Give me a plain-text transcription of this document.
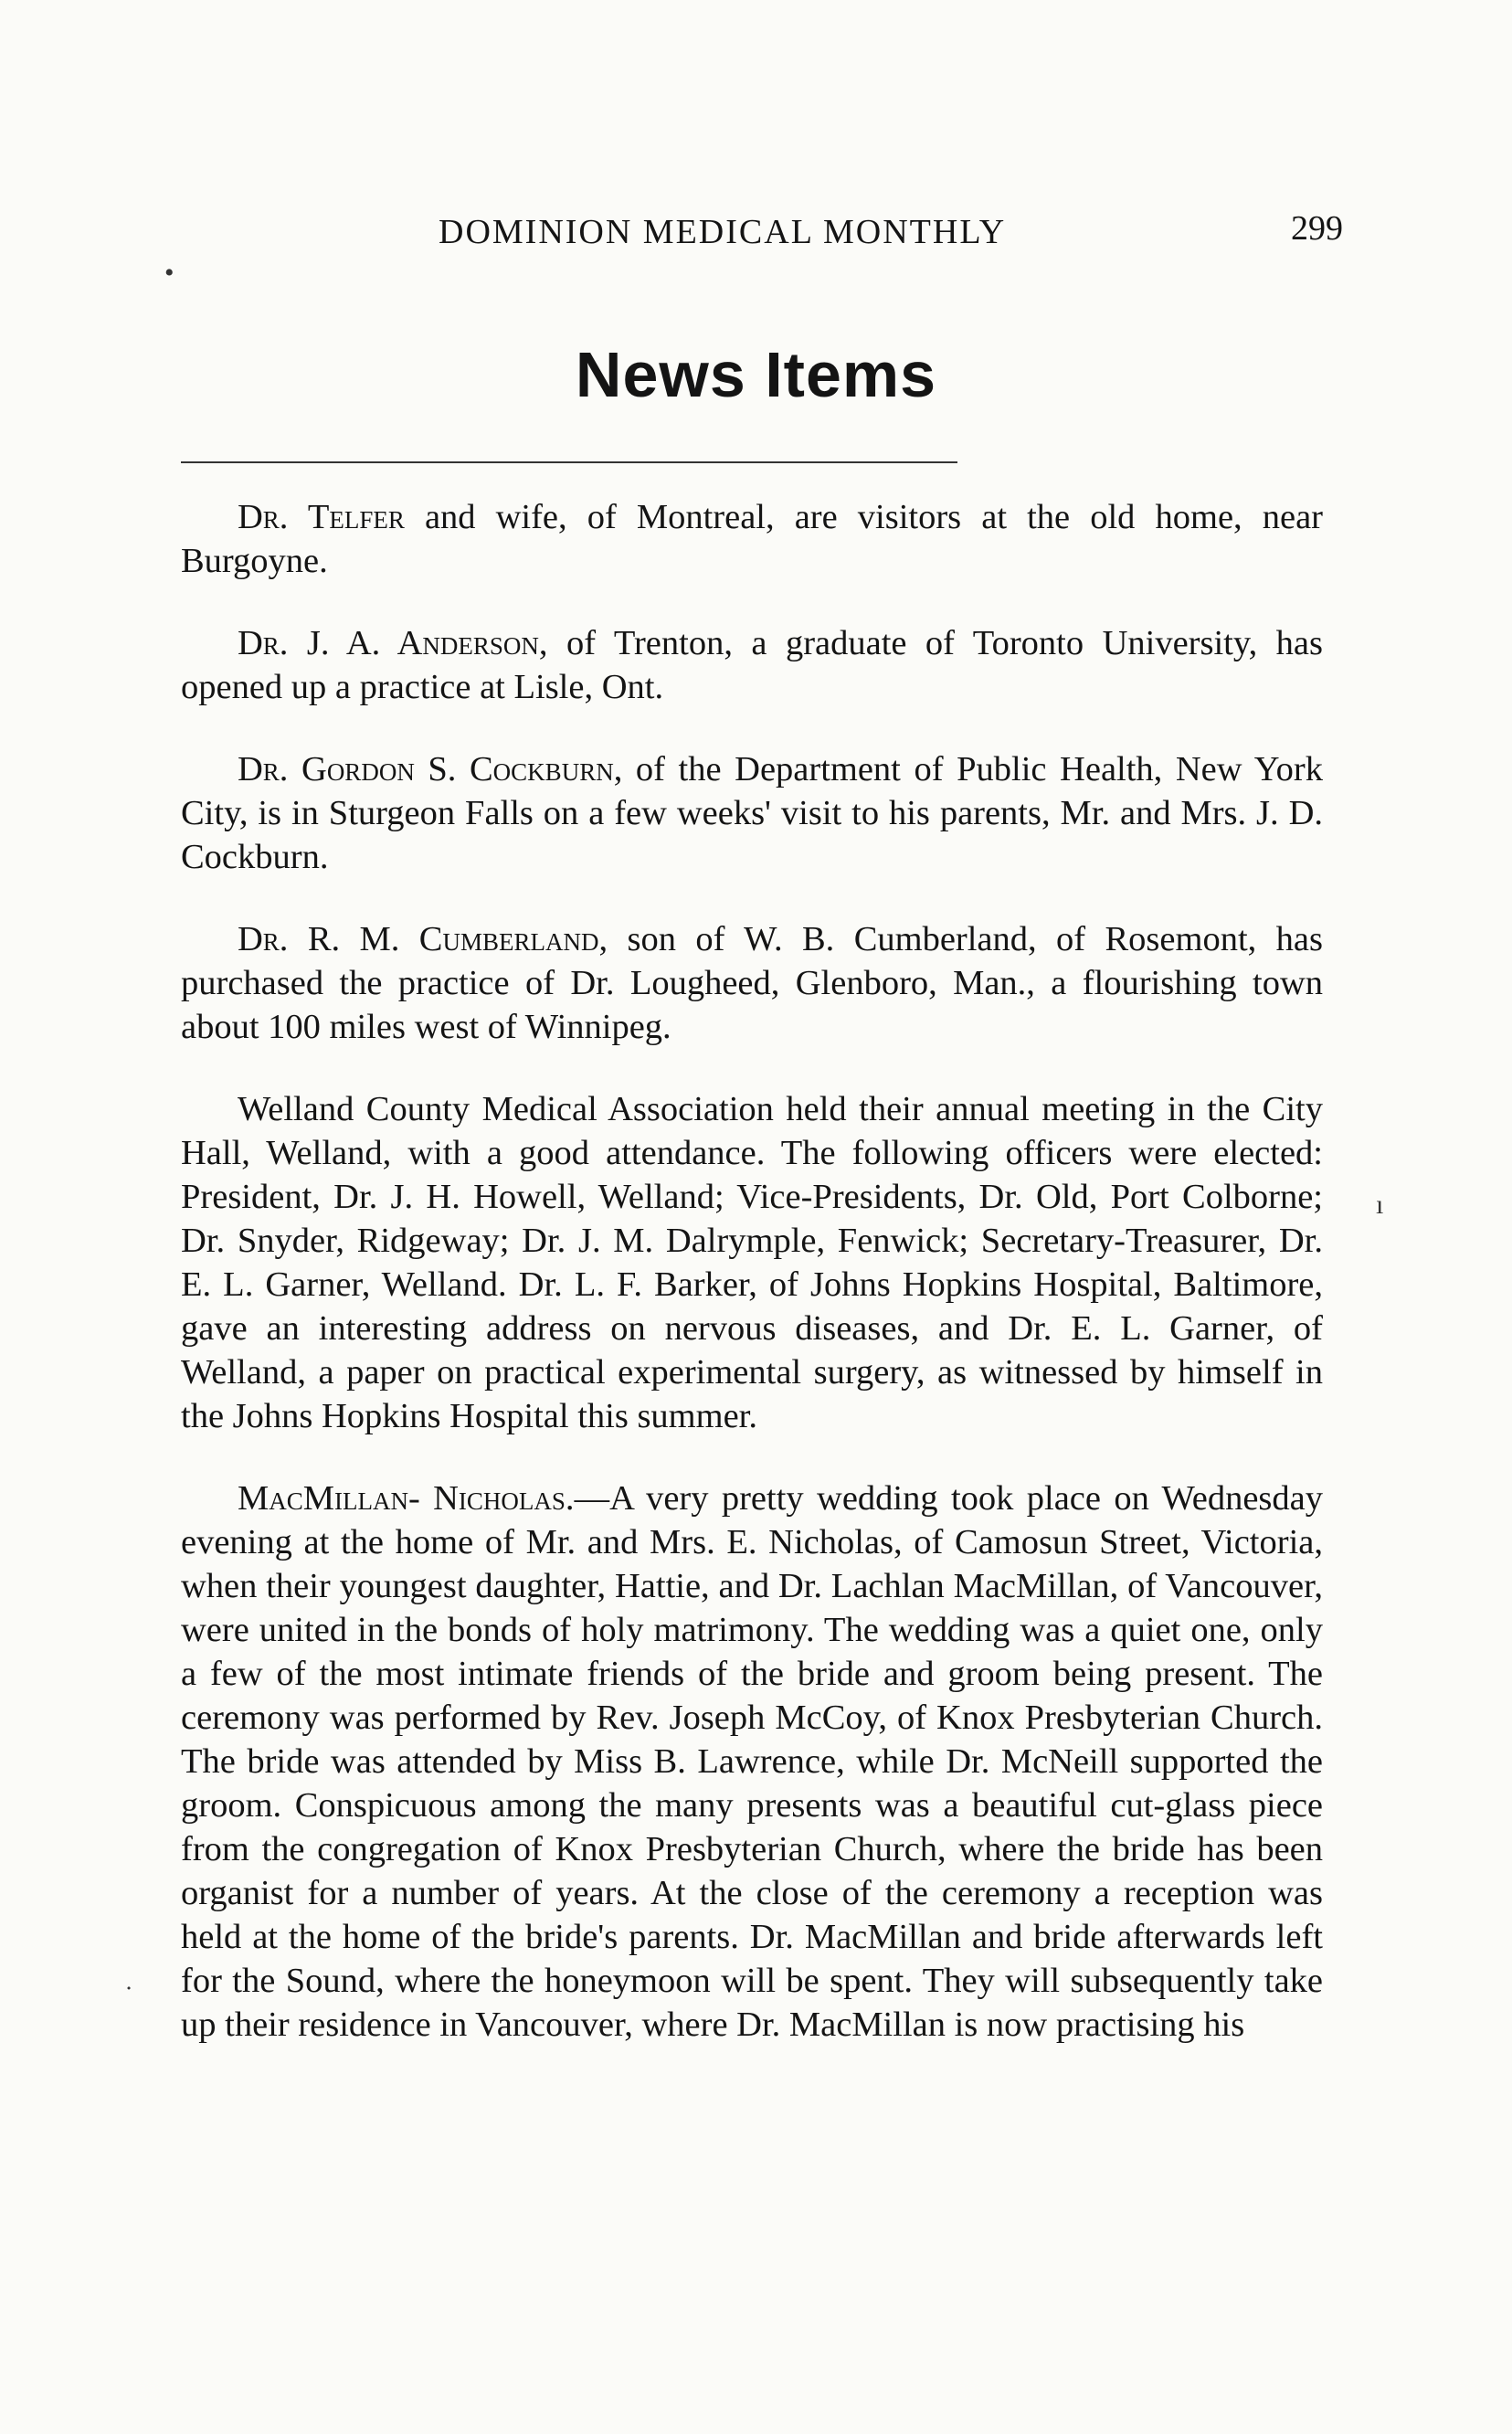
DOMINION MEDICAL MONTHLY	299
News Items

Dr. Telfer and wife, of Montreal, are visitors at the old home, near Burgoyne.

Dr. J. A. Anderson, of Trenton, a graduate of Toronto University, has opened up a practice at Lisle, Ont.

Dr. Gordon S. Cockburn, of the Department of Public Health, New York City, is in Sturgeon Falls on a few weeks' visit to his parents, Mr. and Mrs. J. D. Cockburn.

Dr. R. M. Cumberland, son of W. B. Cumberland, of Rosemont, has purchased the practice of Dr. Lougheed, Glenboro, Man., a flourishing town about 100 miles west of Winnipeg.

Welland County Medical Association held their annual meeting in the City Hall, Welland, with a good attendance. The following officers were elected: President, Dr. J. H. Howell, Welland; Vice-Presidents, Dr. Old, Port Colborne; Dr. Snyder, Ridgeway; Dr. J. M. Dalrymple, Fenwick; Secretary-Treasurer, Dr. E. L. Garner, Welland. Dr. L. F. Barker, of Johns Hopkins Hospital, Baltimore, gave an interesting address on nervous diseases, and Dr. E. L. Garner, of Welland, a paper on practical experimental surgery, as witnessed by himself in the Johns Hopkins Hospital this summer.

MacMillan- Nicholas.—A very pretty wedding took place on Wednesday evening at the home of Mr. and Mrs. E. Nicholas, of Camosun Street, Victoria, when their youngest daughter, Hattie, and Dr. Lachlan MacMillan, of Vancouver, were united in the bonds of holy matrimony. The wedding was a quiet one, only a few of the most intimate friends of the bride and groom being present. The ceremony was performed by Rev. Joseph McCoy, of Knox Presbyterian Church. The bride was attended by Miss B. Lawrence, while Dr. McNeill supported the groom. Conspicuous among the many presents was a beautiful cut-glass piece from the congregation of Knox Presbyterian Church, where the bride has been organist for a number of years. At the close of the ceremony a reception was held at the home of the bride's parents. Dr. MacMillan and bride afterwards left for the Sound, where the honeymoon will be spent. They will subsequently take up their residence in Vancouver, where Dr. MacMillan is now practising his

•
ı
˙
